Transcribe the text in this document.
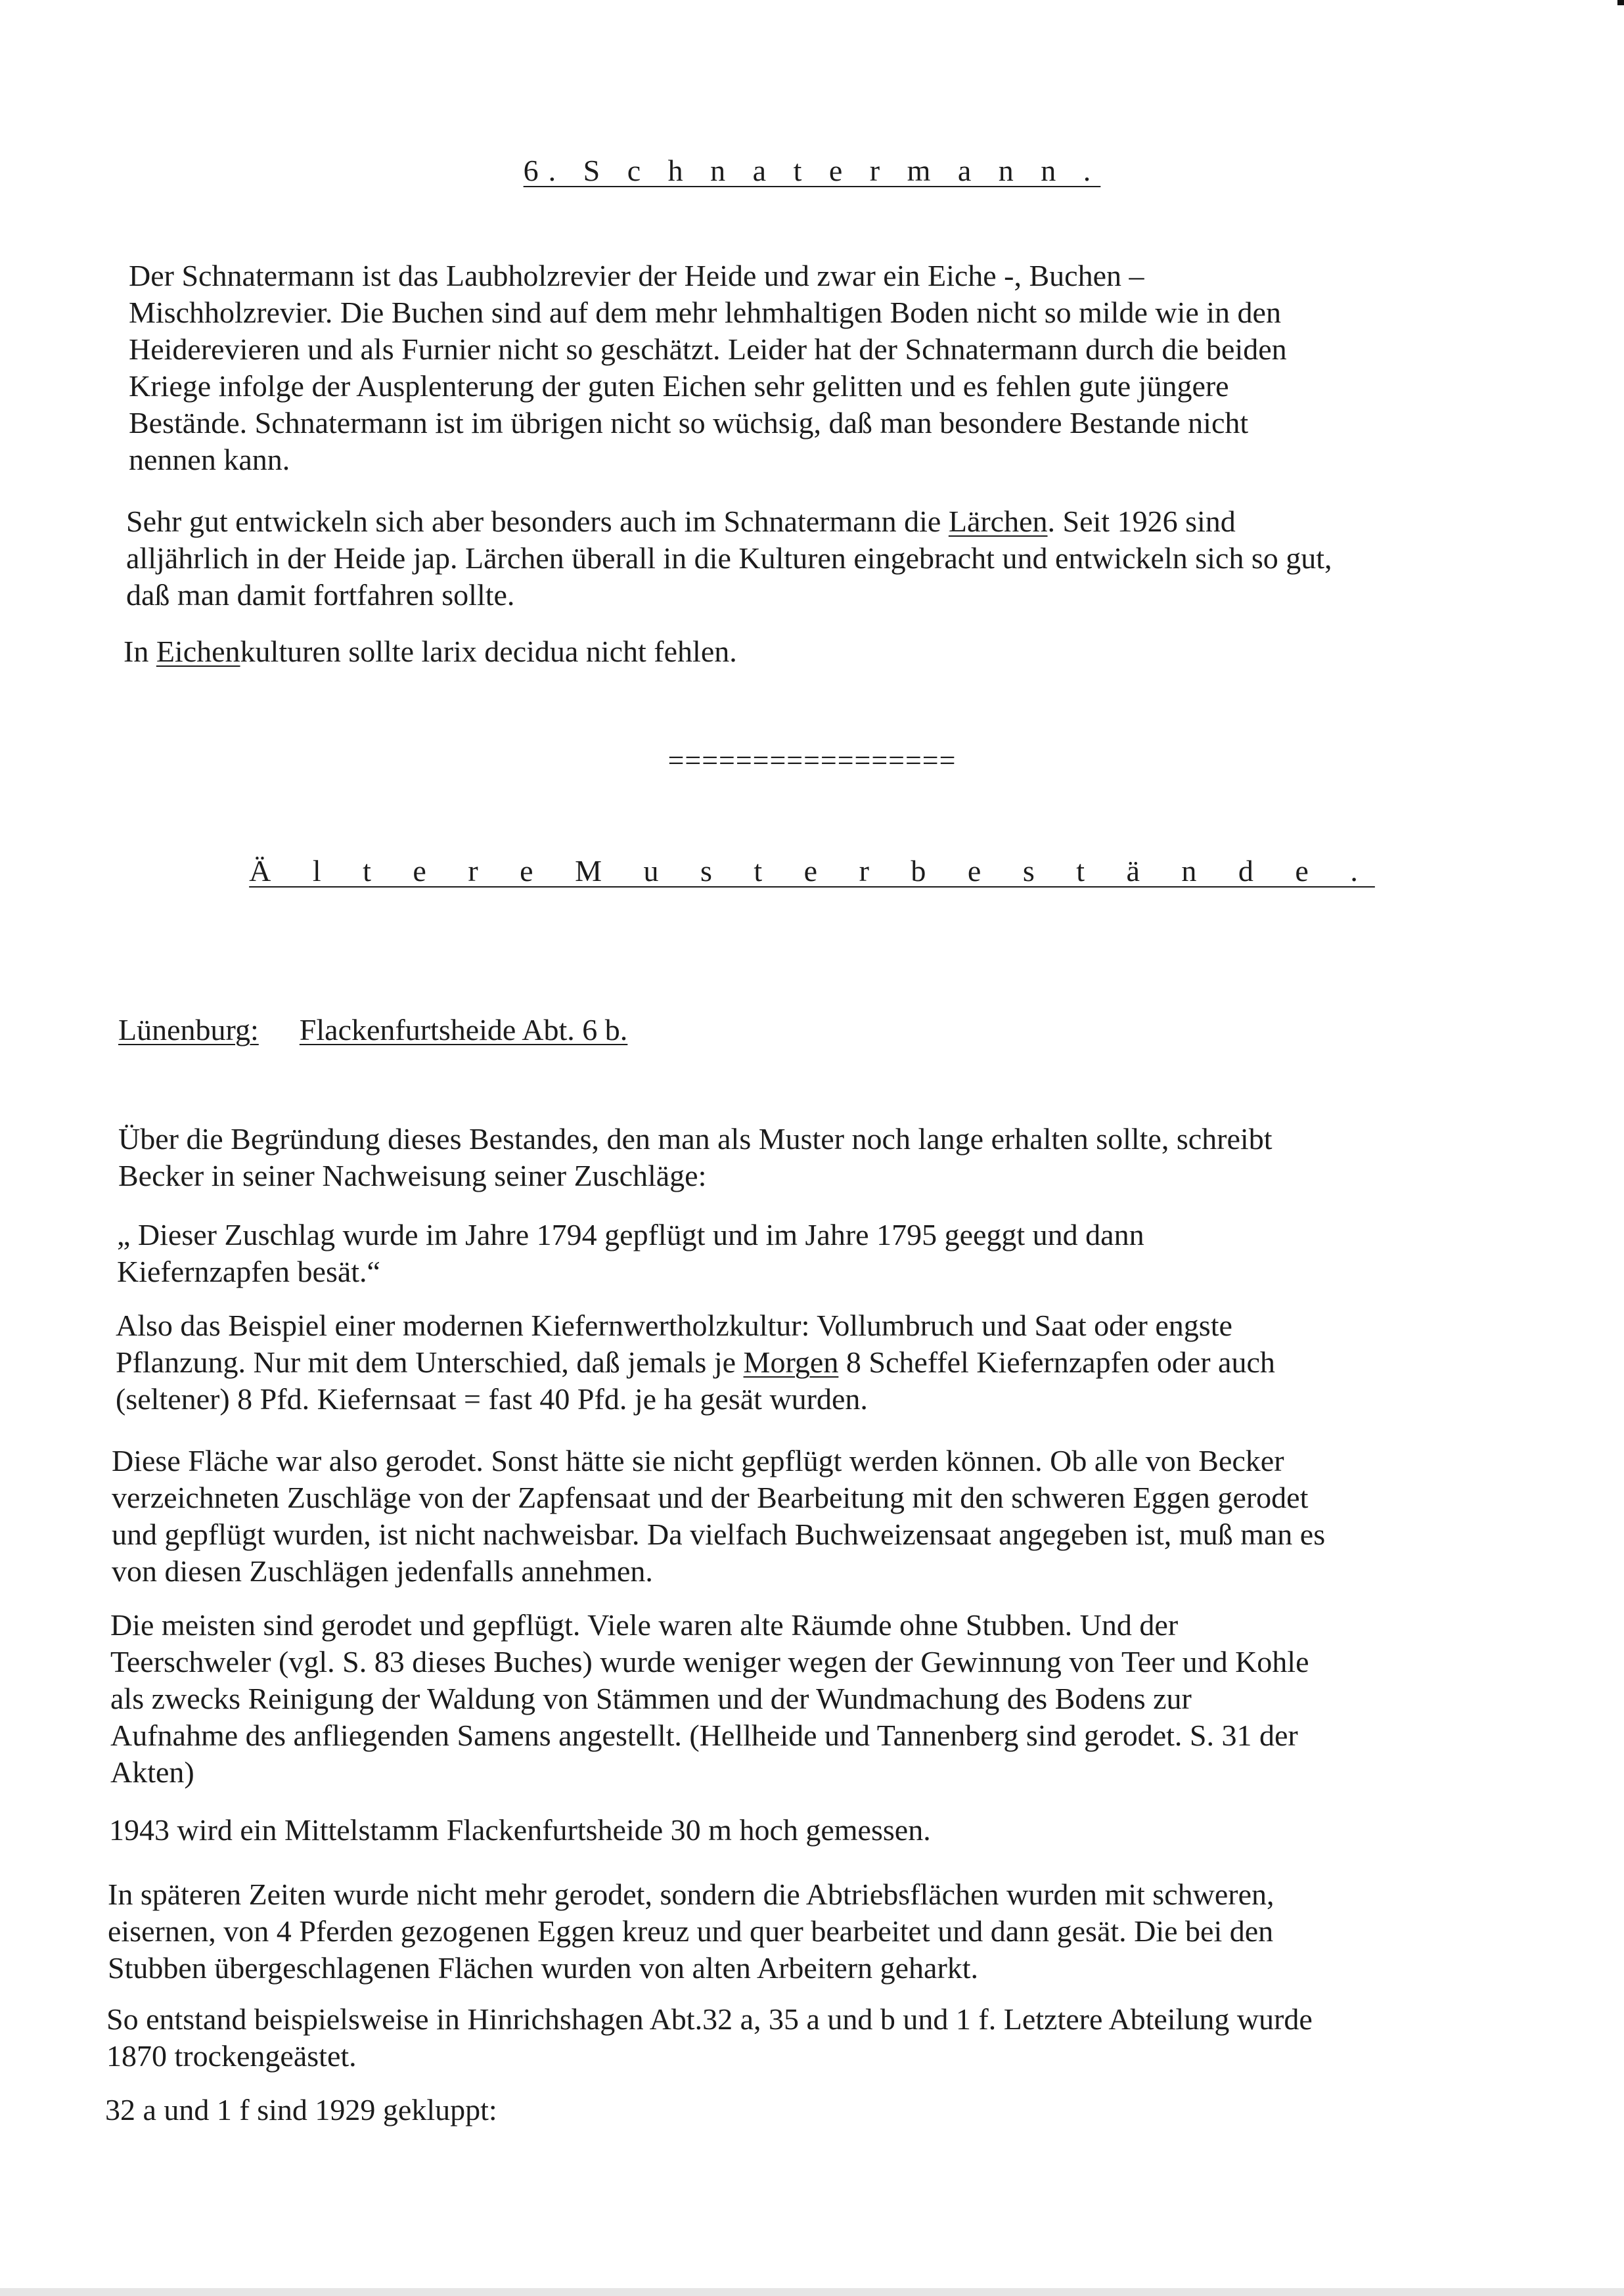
6. S c h n a t e r m a n n .

Der Schnatermann ist das Laubholzrevier der Heide und zwar ein Eiche -, Buchen –
Mischholzrevier. Die Buchen sind auf dem mehr lehmhaltigen Boden nicht so milde wie in den
Heiderevieren und als Furnier nicht so geschätzt. Leider hat der Schnatermann durch die beiden
Kriege infolge der Ausplenterung der guten Eichen sehr gelitten und es fehlen gute jüngere
Bestände. Schnatermann ist im übrigen nicht so wüchsig, daß man besondere Bestande nicht
nennen kann.

Sehr gut entwickeln sich aber besonders auch im Schnatermann die Lärchen. Seit 1926 sind
alljährlich in der Heide jap. Lärchen überall in die Kulturen eingebracht und entwickeln sich so gut,
daß man damit fortfahren sollte.

In Eichenkulturen sollte larix decidua nicht fehlen.

=================
Ä l t e r e M u s t e r b e s t ä n d e .
Lünenburg: Flackenfurtsheide Abt. 6 b.

Über die Begründung dieses Bestandes, den man als Muster noch lange erhalten sollte, schreibt
Becker in seiner Nachweisung seiner Zuschläge:

„ Dieser Zuschlag wurde im Jahre 1794 gepflügt und im Jahre 1795 geeggt und dann
Kiefernzapfen besät.“

Also das Beispiel einer modernen Kiefernwertholzkultur: Vollumbruch und Saat oder engste
Pflanzung. Nur mit dem Unterschied, daß jemals je Morgen 8 Scheffel Kiefernzapfen oder auch
(seltener) 8 Pfd. Kiefernsaat = fast 40 Pfd. je ha gesät wurden.

Diese Fläche war also gerodet. Sonst hätte sie nicht gepflügt werden können. Ob alle von Becker
verzeichneten Zuschläge von der Zapfensaat und der Bearbeitung mit den schweren Eggen gerodet
und gepflügt wurden, ist nicht nachweisbar. Da vielfach Buchweizensaat angegeben ist, muß man es
von diesen Zuschlägen jedenfalls annehmen.

Die meisten sind gerodet und gepflügt. Viele waren alte Räumde ohne Stubben. Und der
Teerschweler (vgl. S. 83 dieses Buches) wurde weniger wegen der Gewinnung von Teer und Kohle
als zwecks Reinigung der Waldung von Stämmen und der Wundmachung des Bodens zur
Aufnahme des anfliegenden Samens angestellt. (Hellheide und Tannenberg sind gerodet. S. 31 der
Akten)

1943 wird ein Mittelstamm Flackenfurtsheide 30 m hoch gemessen.

In späteren Zeiten wurde nicht mehr gerodet, sondern die Abtriebsflächen wurden mit schweren,
eisernen, von 4 Pferden gezogenen Eggen kreuz und quer bearbeitet und dann gesät. Die bei den
Stubben übergeschlagenen Flächen wurden von alten Arbeitern geharkt.

So entstand beispielsweise in Hinrichshagen Abt.32 a, 35 a und b und 1 f. Letztere Abteilung wurde
1870 trockengeästet.

32 a und 1 f sind 1929 gekluppt:
